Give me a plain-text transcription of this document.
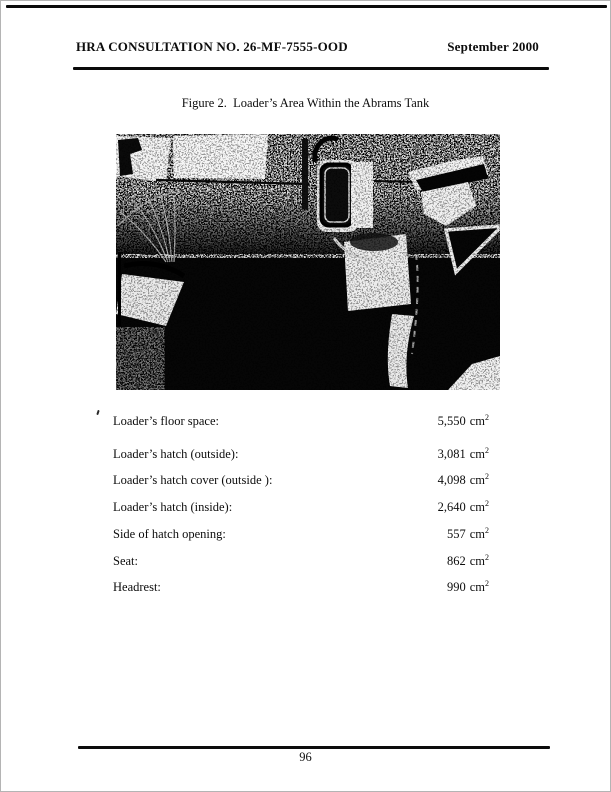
HRA CONSULTATION NO. 26-MF-7555-OOD	September 2000
Figure 2.  Loader’s Area Within the Abrams Tank
Loader’s floor space:	5,550 $cm^2$
Loader’s hatch (outside):	3,081 $cm^2$
Loader’s hatch cover (outside ):	4,098 $cm^2$
Loader’s hatch (inside):	2,640 $cm^2$
Side of hatch opening:	557 $cm^2$
Seat:	862 $cm^2$
Headrest:	990 $cm^2$
96
